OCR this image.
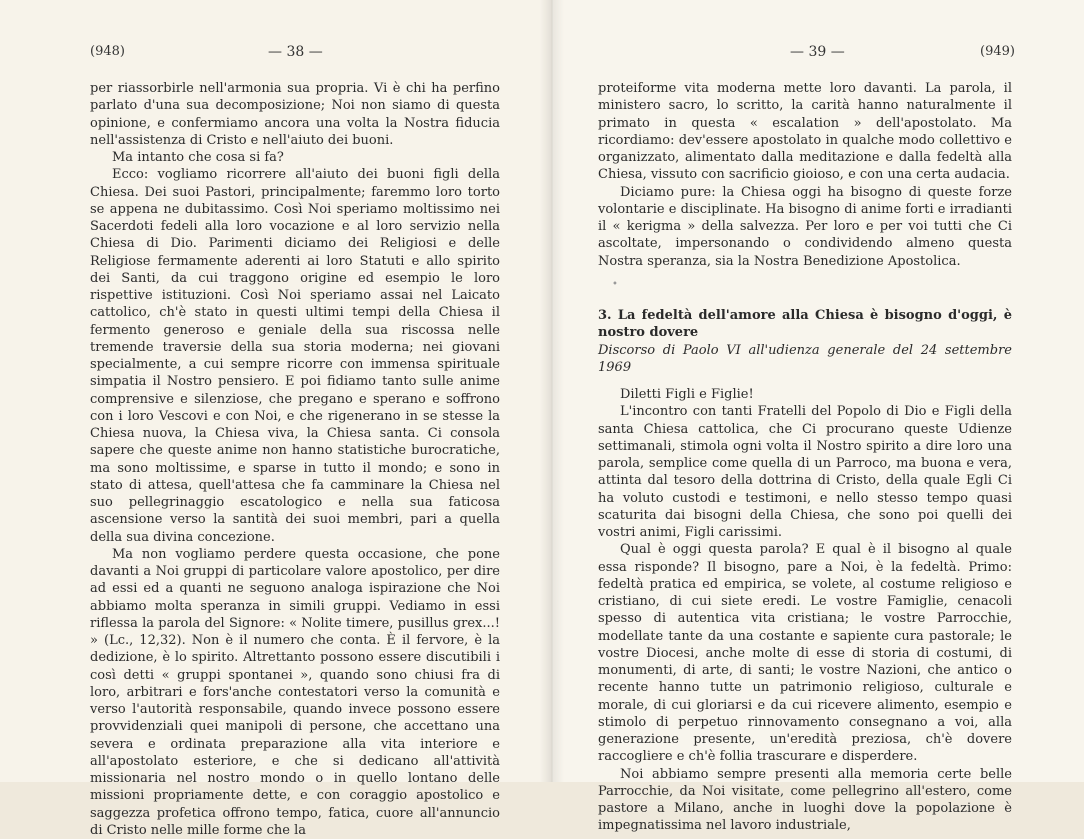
(948)	— 38 —

per riassorbirle nell'armonia sua propria. Vi è chi ha perfino parlato d'una sua decomposizione; Noi non siamo di questa opinione, e confermiamo ancora una volta la Nostra fiducia nell'assistenza di Cristo e nell'aiuto dei buoni.

Ma intanto che cosa si fa?

Ecco: vogliamo ricorrere all'aiuto dei buoni figli della Chiesa. Dei suoi Pastori, principalmente; faremmo loro torto se appena ne dubitassimo. Così Noi speriamo moltissimo nei Sacerdoti fedeli alla loro vocazione e al loro servizio nella Chiesa di Dio. Parimenti diciamo dei Religiosi e delle Religiose fermamente aderenti ai loro Statuti e allo spirito dei Santi, da cui traggono origine ed esempio le loro rispettive istituzioni. Così Noi speriamo assai nel Laicato cattolico, ch'è stato in questi ultimi tempi della Chiesa il fermento generoso e geniale della sua riscossa nelle tremende traversie della sua storia moderna; nei giovani specialmente, a cui sempre ricorre con immensa spirituale simpatia il Nostro pensiero. E poi fidiamo tanto sulle anime comprensive e silenziose, che pregano e sperano e soffrono con i loro Vescovi e con Noi, e che rigenerano in se stesse la Chiesa nuova, la Chiesa viva, la Chiesa santa. Ci consola sapere che queste anime non hanno statistiche burocratiche, ma sono moltissime, e sparse in tutto il mondo; e sono in stato di attesa, quell'attesa che fa camminare la Chiesa nel suo pellegrinaggio escatologico e nella sua faticosa ascensione verso la santità dei suoi membri, pari a quella della sua divina concezione.

Ma non vogliamo perdere questa occasione, che pone davanti a Noi gruppi di particolare valore apostolico, per dire ad essi ed a quanti ne seguono analoga ispirazione che Noi abbiamo molta speranza in simili gruppi. Vediamo in essi riflessa la parola del Signore: « Nolite timere, pusillus grex...! » (Lc., 12,32). Non è il numero che conta. È il fervore, è la dedizione, è lo spirito. Altrettanto possono essere discutibili i così detti « gruppi spontanei », quando sono chiusi fra di loro, arbitrari e fors'anche contestatori verso la comunità e verso l'autorità responsabile, quando invece possono essere provvidenziali quei manipoli di persone, che accettano una severa e ordinata preparazione alla vita interiore e all'apostolato esteriore, e che si dedicano all'attività missionaria nel nostro mondo o in quello lontano delle missioni propriamente dette, e con coraggio apostolico e saggezza profetica offrono tempo, fatica, cuore all'annuncio di Cristo nelle mille forme che la

— 39 —	(949)

proteiforme vita moderna mette loro davanti. La parola, il ministero sacro, lo scritto, la carità hanno naturalmente il primato in questa « escalation » dell'apostolato. Ma ricordiamo: dev'essere apostolato in qualche modo collettivo e organizzato, alimentato dalla meditazione e dalla fedeltà alla Chiesa, vissuto con sacrificio gioioso, e con una certa audacia.

Diciamo pure: la Chiesa oggi ha bisogno di queste forze volontarie e disciplinate. Ha bisogno di anime forti e irradianti il « kerigma » della salvezza. Per loro e per voi tutti che Ci ascoltate, impersonando o condividendo almeno questa Nostra speranza, sia la Nostra Benedizione Apostolica.

•

3. La fedeltà dell'amore alla Chiesa è bisogno d'oggi, è nostro dovere

Discorso di Paolo VI all'udienza generale del 24 settembre 1969

Diletti Figli e Figlie!

L'incontro con tanti Fratelli del Popolo di Dio e Figli della santa Chiesa cattolica, che Ci procurano queste Udienze settimanali, stimola ogni volta il Nostro spirito a dire loro una parola, semplice come quella di un Parroco, ma buona e vera, attinta dal tesoro della dottrina di Cristo, della quale Egli Ci ha voluto custodi e testimoni, e nello stesso tempo quasi scaturita dai bisogni della Chiesa, che sono poi quelli dei vostri animi, Figli carissimi.

Qual è oggi questa parola? E qual è il bisogno al quale essa risponde? Il bisogno, pare a Noi, è la fedeltà. Primo: fedeltà pratica ed empirica, se volete, al costume religioso e cristiano, di cui siete eredi. Le vostre Famiglie, cenacoli spesso di autentica vita cristiana; le vostre Parrocchie, modellate tante da una costante e sapiente cura pastorale; le vostre Diocesi, anche molte di esse di storia di costumi, di monumenti, di arte, di santi; le vostre Nazioni, che antico o recente hanno tutte un patrimonio religioso, culturale e morale, di cui gloriarsi e da cui ricevere alimento, esempio e stimolo di perpetuo rinnovamento consegnano a voi, alla generazione presente, un'eredità preziosa, ch'è dovere raccogliere e ch'è follia trascurare e disperdere.

Noi abbiamo sempre presenti alla memoria certe belle Parrocchie, da Noi visitate, come pellegrino all'estero, come pastore a Milano, anche in luoghi dove la popolazione è impegnatissima nel lavoro industriale,
